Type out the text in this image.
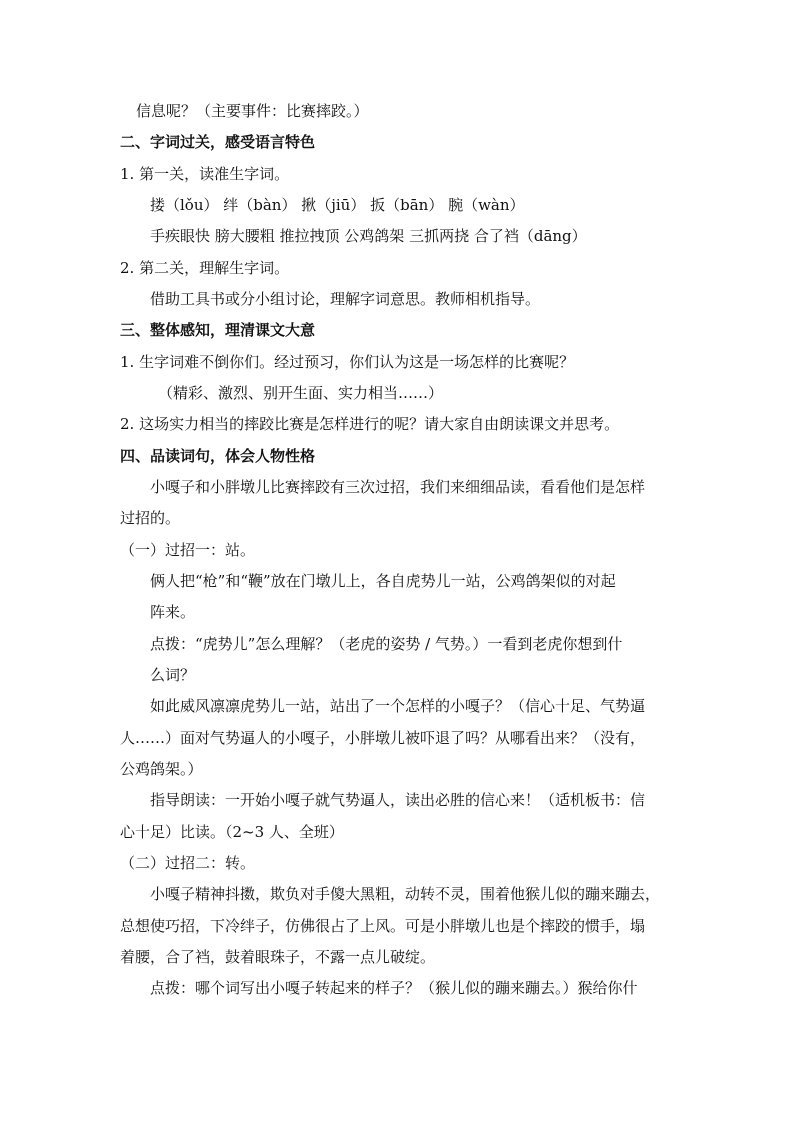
信息呢？（主要事件：比赛摔跤。）
二、字词过关，感受语言特色
1. 第一关，读准生字词。
搂（lǒu） 绊（bàn） 揪（jiū） 扳（bān） 腕（wàn）
手疾眼快 膀大腰粗 推拉拽顶 公鸡鸽架 三抓两挠 合了裆（dāng）
2. 第二关，理解生字词。
借助工具书或分小组讨论，理解字词意思。教师相机指导。
三、整体感知，理清课文大意
1. 生字词难不倒你们。经过预习，你们认为这是一场怎样的比赛呢？
（精彩、激烈、别开生面、实力相当……）
2. 这场实力相当的摔跤比赛是怎样进行的呢？请大家自由朗读课文并思考。
四、品读词句，体会人物性格
小嘎子和小胖墩儿比赛摔跤有三次过招，我们来细细品读，看看他们是怎样
过招的。
（一）过招一：站。
俩人把“枪”和“鞭”放在门墩儿上，各自虎势儿一站，公鸡鸽架似的对起
阵来。
点拨：“虎势儿”怎么理解？（老虎的姿势 / 气势。）一看到老虎你想到什
么词？
如此威风凛凛虎势儿一站，站出了一个怎样的小嘎子？（信心十足、气势逼
人……）面对气势逼人的小嘎子，小胖墩儿被吓退了吗？从哪看出来？（没有，
公鸡鸽架。）
指导朗读：一开始小嘎子就气势逼人，读出必胜的信心来！（适机板书：信
心十足）比读。（2~3 人、全班）
（二）过招二：转。
小嘎子精神抖擞，欺负对手傻大黑粗，动转不灵，围着他猴儿似的蹦来蹦去，
总想使巧招，下冷绊子，仿佛很占了上风。可是小胖墩儿也是个摔跤的惯手，塌
着腰，合了裆，鼓着眼珠子，不露一点儿破绽。
点拨：哪个词写出小嘎子转起来的样子？（猴儿似的蹦来蹦去。）猴给你什
